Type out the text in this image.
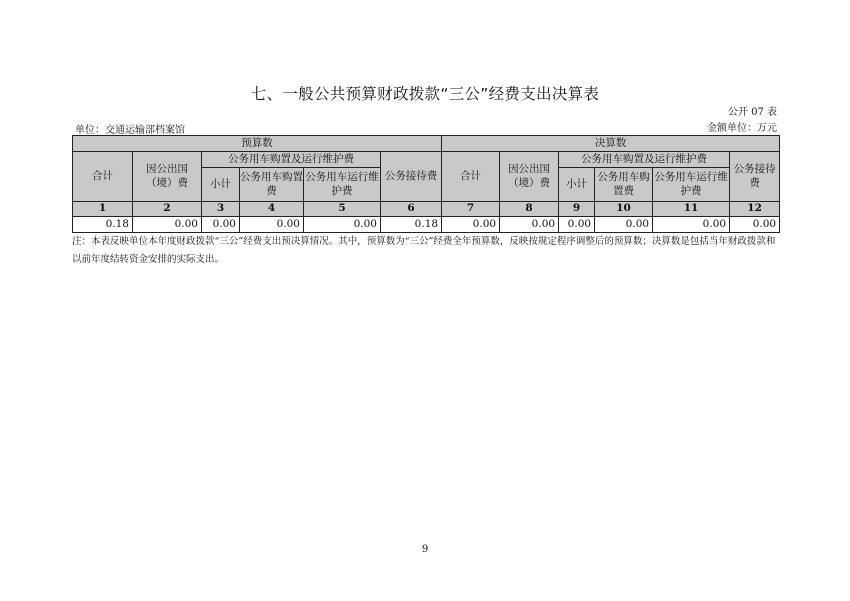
七、一般公共预算财政拨款“三公”经费支出决算表
公开 07 表
单位：交通运输部档案馆	金额单位：万元
预算数						决算数					
合计	因公出国（境）费	公务用车购置及运行维护费			公务接待费	合计	因公出国（境）费	公务用车购置及运行维护费			公务接待费
		小计	公务用车购置费	公务用车运行维护费				小计	公务用车购置费	公务用车运行维护费	

1	2	3	4	5	6	7	8	9	10	11	12
0.18	0.00	0.00	0.00	0.00	0.18	0.00	0.00	0.00	0.00	0.00	0.00
注：本表反映单位本年度财政拨款“三公”经费支出预决算情况。其中，预算数为“三公”经费全年预算数，反映按规定程序调整后的预算数；决算数是包括当年财政拨款和以前年度结转资金安排的实际支出。
9
